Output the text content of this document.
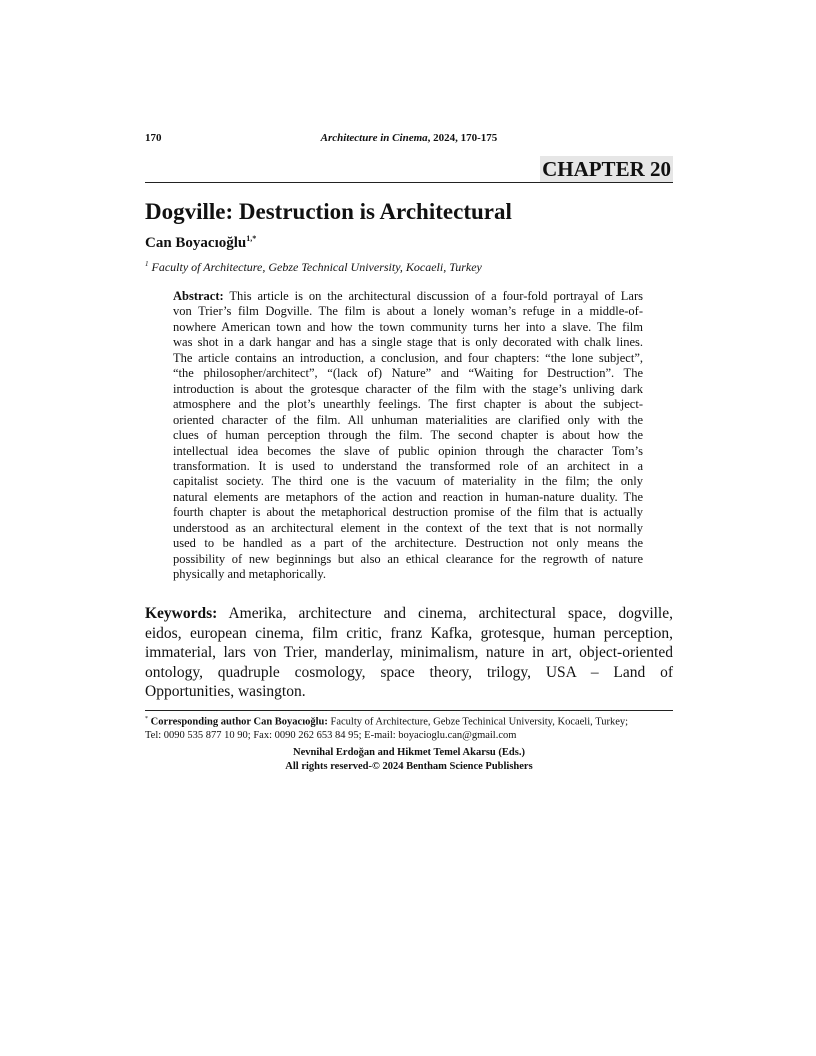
170	Architecture in Cinema, 2024, 170-175
CHAPTER 20
Dogville: Destruction is Architectural
Can Boyacıoğlu$^{1,*}$
$^1$ Faculty of Architecture, Gebze Technical University, Kocaeli, Turkey
Abstract: This article is on the architectural discussion of a four-fold portrayal of Lars
von Trier’s film Dogville. The film is about a lonely woman’s refuge in a middle-of-
nowhere American town and how the town community turns her into a slave. The film
was shot in a dark hangar and has a single stage that is only decorated with chalk lines.
The article contains an introduction, a conclusion, and four chapters: “the lone subject”,
“the philosopher/architect”, “(lack of) Nature” and “Waiting for Destruction”. The
introduction is about the grotesque character of the film with the stage’s unliving dark
atmosphere and the plot’s unearthly feelings. The first chapter is about the subject-
oriented character of the film. All unhuman materialities are clarified only with the
clues of human perception through the film. The second chapter is about how the
intellectual idea becomes the slave of public opinion through the character Tom’s
transformation. It is used to understand the transformed role of an architect in a
capitalist society. The third one is the vacuum of materiality in the film; the only
natural elements are metaphors of the action and reaction in human-nature duality. The
fourth chapter is about the metaphorical destruction promise of the film that is actually
understood as an architectural element in the context of the text that is not normally
used to be handled as a part of the architecture. Destruction not only means the
possibility of new beginnings but also an ethical clearance for the regrowth of nature
physically and metaphorically.
Keywords: Amerika, architecture and cinema, architectural space, dogville,
eidos, european cinema, film critic, franz Kafka, grotesque, human perception,
immaterial, lars von Trier, manderlay, minimalism, nature in art, object-oriented
ontology, quadruple cosmology, space theory, trilogy, USA – Land of
Opportunities, wasington.
* Corresponding author Can Boyacıoğlu: Faculty of Architecture, Gebze Techinical University, Kocaeli, Turkey;
Tel: 0090 535 877 10 90; Fax: 0090 262 653 84 95; E-mail: boyacioglu.can@gmail.com
Nevnihal Erdoğan and Hikmet Temel Akarsu (Eds.)
All rights reserved-© 2024 Bentham Science Publishers
